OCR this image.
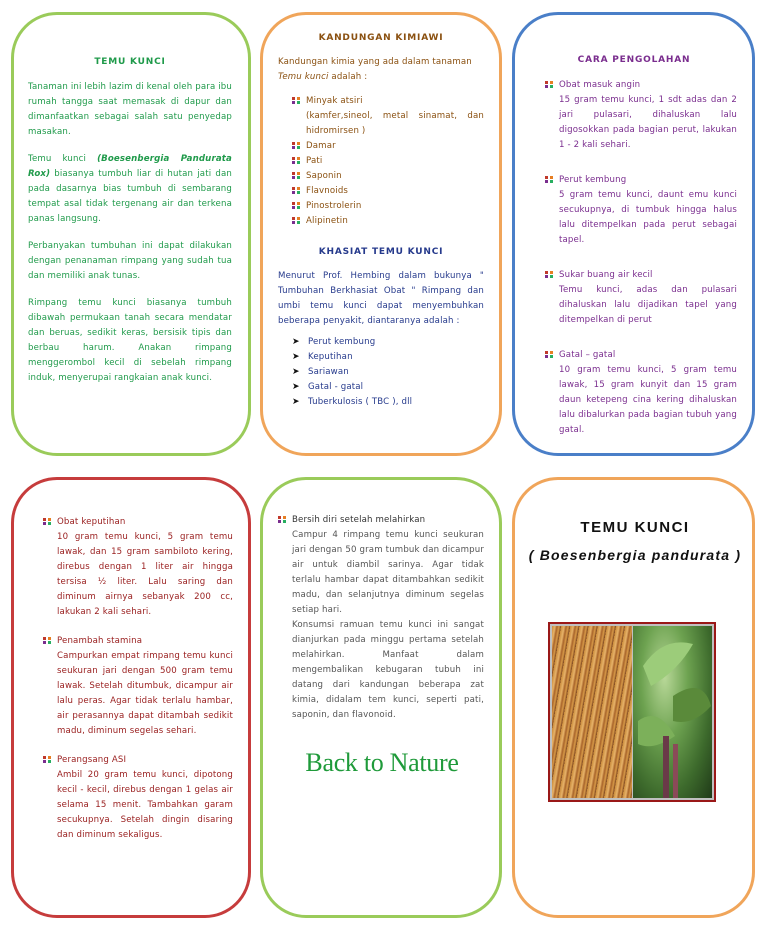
TEMU KUNCI

Tanaman ini lebih lazim di kenal oleh para ibu rumah tangga saat memasak di dapur dan dimanfaatkan sebagai salah satu penyedap masakan.

Temu kunci (Boesenbergia Pandurata Rox) biasanya tumbuh liar di hutan jati dan pada dasarnya bias tumbuh di sembarang tempat asal tidak tergenang air dan terkena panas langsung.

Perbanyakan tumbuhan ini dapat dilakukan dengan penanaman rimpang yang sudah tua dan memiliki anak tunas.

Rimpang temu kunci biasanya tumbuh dibawah permukaan tanah secara mendatar dan beruas, sedikit keras, bersisik tipis dan berbau harum. Anakan rimpang menggerombol kecil di sebelah rimpang induk, menyerupai rangkaian anak kunci.

KANDUNGAN KIMIAWI

Kandungan kimia yang ada dalam tanaman Temu kunci adalah :

Minyak atsiri
(kamfer,sineol, metal sinamat, dan hidromirsen )
Damar
Pati
Saponin
Flavnoids
Pinostrolerin
Alipinetin
KHASIAT TEMU KUNCI

Menurut Prof. Hembing dalam bukunya " Tumbuhan Berkhasiat Obat " Rimpang dan umbi temu kunci dapat menyembuhkan beberapa penyakit, diantaranya adalah :

➤ Perut kembung
➤ Keputihan
➤ Sariawan
➤ Gatal - gatal
➤ Tuberkulosis ( TBC ), dll
CARA PENGOLAHAN
Obat masuk angin
15 gram temu kunci, 1 sdt adas dan 2 jari pulasari, dihaluskan lalu digosokkan pada bagian perut, lakukan 1 - 2 kali sehari.
Perut kembung
5 gram temu kunci, daunt emu kunci secukupnya, di tumbuk hingga halus lalu ditempelkan pada perut sebagai tapel.
Sukar buang air kecil
Temu kunci, adas dan pulasari dihaluskan lalu dijadikan tapel yang ditempelkan di perut
Gatal – gatal
10 gram temu kunci, 5 gram temu lawak, 15 gram kunyit dan 15 gram daun ketepeng cina kering dihaluskan lalu dibalurkan pada bagian tubuh yang gatal.
Obat keputihan
10 gram temu kunci, 5 gram temu lawak, dan 15 gram sambiloto kering, direbus dengan 1 liter air hingga tersisa ½ liter. Lalu saring dan diminum airnya sebanyak 200 cc, lakukan 2 kali sehari.
Penambah stamina
Campurkan empat rimpang temu kunci seukuran jari dengan 500 gram temu lawak. Setelah ditumbuk, dicampur air lalu peras. Agar tidak terlalu hambar, air perasannya dapat ditambah sedikit madu, diminum segelas sehari.
Perangsang ASI
Ambil 20 gram temu kunci, dipotong kecil - kecil, direbus dengan 1 gelas air selama 15 menit. Tambahkan garam secukupnya. Setelah dingin disaring dan diminum sekaligus.
Bersih diri setelah melahirkan

Campur 4 rimpang temu kunci seukuran jari dengan 50 gram tumbuk dan dicampur air untuk diambil sarinya. Agar tidak terlalu hambar dapat ditambahkan sedikit madu, dan selanjutnya diminum segelas setiap hari.

Konsumsi ramuan temu kunci ini sangat dianjurkan pada minggu pertama setelah melahirkan. Manfaat dalam mengembalikan kebugaran tubuh ini datang dari kandungan beberapa zat kimia, didalam tem kunci, seperti pati, saponin, dan flavonoid.

Back to Nature
TEMU KUNCI
( Boesenbergia pandurata )
